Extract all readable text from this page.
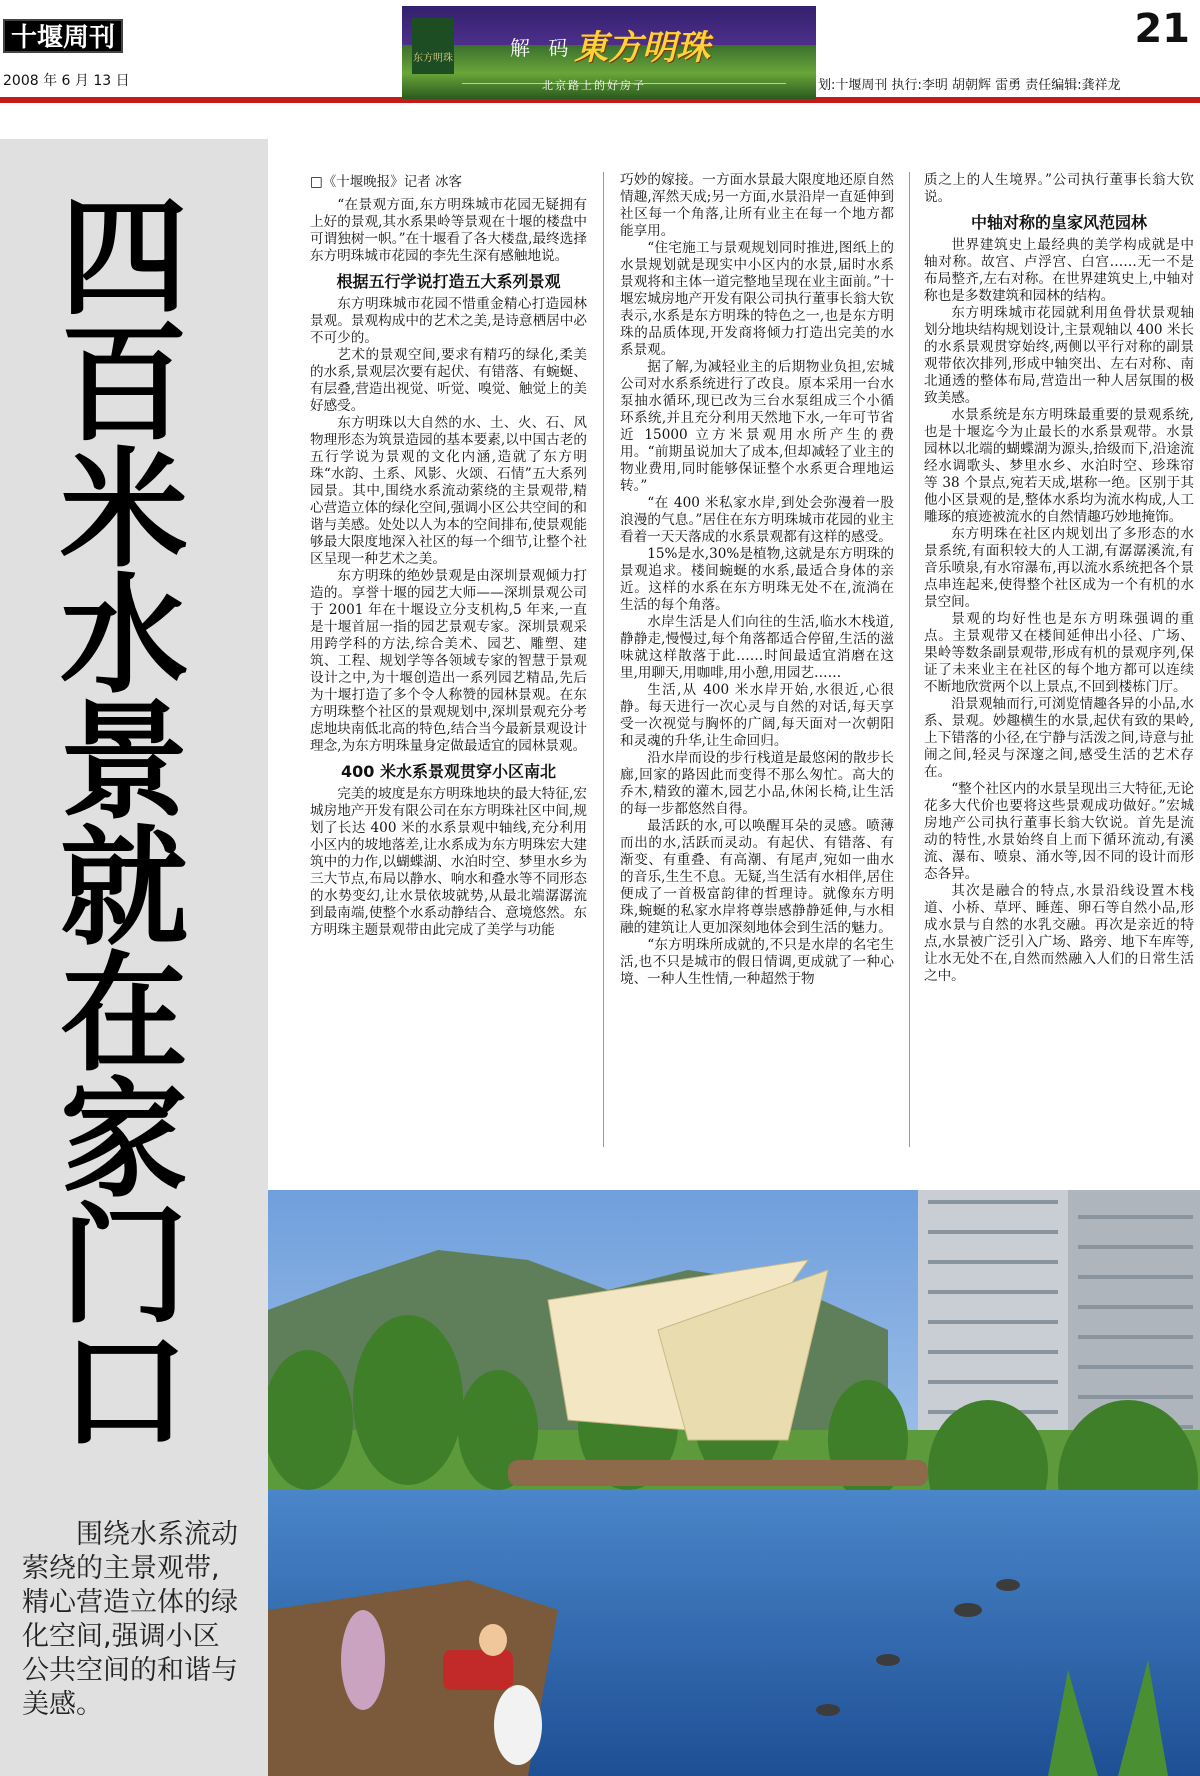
十堰周刊
2008 年 6 月 13 日
21
划:十堰周刊 执行:李明 胡朝辉 雷勇 责任编辑:龚祥龙
东方明珠	解 码 東方明珠
北京路上的好房子
四百米水景就在家门口
围绕水系流动萦绕的主景观带,精心营造立体的绿化空间,强调小区公共空间的和谐与美感。
□《十堰晚报》记者 冰客

“在景观方面,东方明珠城市花园无疑拥有上好的景观,其水系果岭等景观在十堰的楼盘中可谓独树一帜。”在十堰看了各大楼盘,最终选择东方明珠城市花园的李先生深有感触地说。

根据五行学说打造五大系列景观

东方明珠城市花园不惜重金精心打造园林景观。景观构成中的艺术之美,是诗意栖居中必不可少的。

艺术的景观空间,要求有精巧的绿化,柔美的水系,景观层次要有起伏、有错落、有蜿蜒、有层叠,营造出视觉、听觉、嗅觉、触觉上的美好感受。

东方明珠以大自然的水、土、火、石、风物理形态为筑景造园的基本要素,以中国古老的五行学说为景观的文化内涵,造就了东方明珠“水韵、土系、风影、火颂、石情”五大系列园景。其中,围绕水系流动萦绕的主景观带,精心营造立体的绿化空间,强调小区公共空间的和谐与美感。处处以人为本的空间排布,使景观能够最大限度地深入社区的每一个细节,让整个社区呈现一种艺术之美。

东方明珠的绝妙景观是由深圳景观倾力打造的。享誉十堰的园艺大师——深圳景观公司于 2001 年在十堰设立分支机构,5 年来,一直是十堰首屈一指的园艺景观专家。深圳景观采用跨学科的方法,综合美术、园艺、雕塑、建筑、工程、规划学等各领域专家的智慧于景观设计之中,为十堰创造出一系列园艺精品,先后为十堰打造了多个令人称赞的园林景观。在东方明珠整个社区的景观规划中,深圳景观充分考虑地块南低北高的特色,结合当今最新景观设计理念,为东方明珠量身定做最适宜的园林景观。

400 米水系景观贯穿小区南北

完美的坡度是东方明珠地块的最大特征,宏城房地产开发有限公司在东方明珠社区中间,规划了长达 400 米的水系景观中轴线,充分利用小区内的坡地落差,让水系成为东方明珠宏大建筑中的力作,以蝴蝶湖、水泊时空、梦里水乡为三大节点,布局以静水、响水和叠水等不同形态的水势变幻,让水景依坡就势,从最北端潺潺流到最南端,使整个水系动静结合、意境悠然。东方明珠主题景观带由此完成了美学与功能

巧妙的嫁接。一方面水景最大限度地还原自然情趣,浑然天成;另一方面,水景沿岸一直延伸到社区每一个角落,让所有业主在每一个地方都能享用。

“住宅施工与景观规划同时推进,图纸上的水景规划就是现实中小区内的水景,届时水系景观将和主体一道完整地呈现在业主面前。”十堰宏城房地产开发有限公司执行董事长翁大钦表示,水系是东方明珠的特色之一,也是东方明珠的品质体现,开发商将倾力打造出完美的水系景观。

据了解,为减轻业主的后期物业负担,宏城公司对水系系统进行了改良。原本采用一台水泵抽水循环,现已改为三台水泵组成三个小循环系统,并且充分利用天然地下水,一年可节省近 15000 立方米景观用水所产生的费用。“前期虽说加大了成本,但却减轻了业主的物业费用,同时能够保证整个水系更合理地运转。”

“在 400 米私家水岸,到处会弥漫着一股浪漫的气息。”居住在东方明珠城市花园的业主看着一天天落成的水系景观都有这样的感受。

15%是水,30%是植物,这就是东方明珠的景观追求。楼间蜿蜒的水系,最适合身体的亲近。这样的水系在东方明珠无处不在,流淌在生活的每个角落。

水岸生活是人们向往的生活,临水木栈道,静静走,慢慢过,每个角落都适合停留,生活的滋味就这样散落于此……时间最适宜消磨在这里,用聊天,用咖啡,用小憩,用园艺……

生活,从 400 米水岸开始,水很近,心很静。每天进行一次心灵与自然的对话,每天享受一次视觉与胸怀的广阔,每天面对一次朝阳和灵魂的升华,让生命回归。

沿水岸而设的步行栈道是最悠闲的散步长廊,回家的路因此而变得不那么匆忙。高大的乔木,精致的灌木,园艺小品,休闲长椅,让生活的每一步都悠然自得。

最活跃的水,可以唤醒耳朵的灵感。喷薄而出的水,活跃而灵动。有起伏、有错落、有渐变、有重叠、有高潮、有尾声,宛如一曲水的音乐,生生不息。无疑,当生活有水相伴,居住便成了一首极富韵律的哲理诗。就像东方明珠,蜿蜒的私家水岸将尊崇感静静延伸,与水相融的建筑让人更加深刻地体会到生活的魅力。

“东方明珠所成就的,不只是水岸的名宅生活,也不只是城市的假日情调,更成就了一种心境、一种人生性情,一种超然于物

质之上的人生境界。”公司执行董事长翁大钦说。

中轴对称的皇家风范园林

世界建筑史上最经典的美学构成就是中轴对称。故宫、卢浮宫、白宫……无一不是布局整齐,左右对称。在世界建筑史上,中轴对称也是多数建筑和园林的结构。

东方明珠城市花园就利用鱼骨状景观轴划分地块结构规划设计,主景观轴以 400 米长的水系景观贯穿始终,两侧以平行对称的副景观带依次排列,形成中轴突出、左右对称、南北通透的整体布局,营造出一种人居氛围的极致美感。

水景系统是东方明珠最重要的景观系统,也是十堰迄今为止最长的水系景观带。水景园林以北端的蝴蝶湖为源头,拾级而下,沿途流经水调歌头、梦里水乡、水泊时空、珍珠帘等 38 个景点,宛若天成,堪称一绝。区别于其他小区景观的是,整体水系均为流水构成,人工雕琢的痕迹被流水的自然情趣巧妙地掩饰。

东方明珠在社区内规划出了多形态的水景系统,有面积较大的人工湖,有潺潺溪流,有音乐喷泉,有水帘瀑布,再以流水系统把各个景点串连起来,使得整个社区成为一个有机的水景空间。

景观的均好性也是东方明珠强调的重点。主景观带又在楼间延伸出小径、广场、果岭等数条副景观带,形成有机的景观序列,保证了未来业主在社区的每个地方都可以连续不断地欣赏两个以上景点,不回到楼栋门厅。

沿景观轴而行,可浏览情趣各异的小品,水系、景观。妙趣横生的水景,起伏有致的果岭,上下错落的小径,在宁静与活泼之间,诗意与扯闹之间,轻灵与深邃之间,感受生活的艺术存在。

“整个社区内的水景呈现出三大特征,无论花多大代价也要将这些景观成功做好。”宏城房地产公司执行董事长翁大钦说。首先是流动的特性,水景始终自上而下循环流动,有溪流、瀑布、喷泉、涌水等,因不同的设计而形态各异。

其次是融合的特点,水景沿线设置木栈道、小桥、草坪、睡莲、卵石等自然小品,形成水景与自然的水乳交融。再次是亲近的特点,水景被广泛引入广场、路旁、地下车库等,让水无处不在,自然而然融入人们的日常生活之中。
